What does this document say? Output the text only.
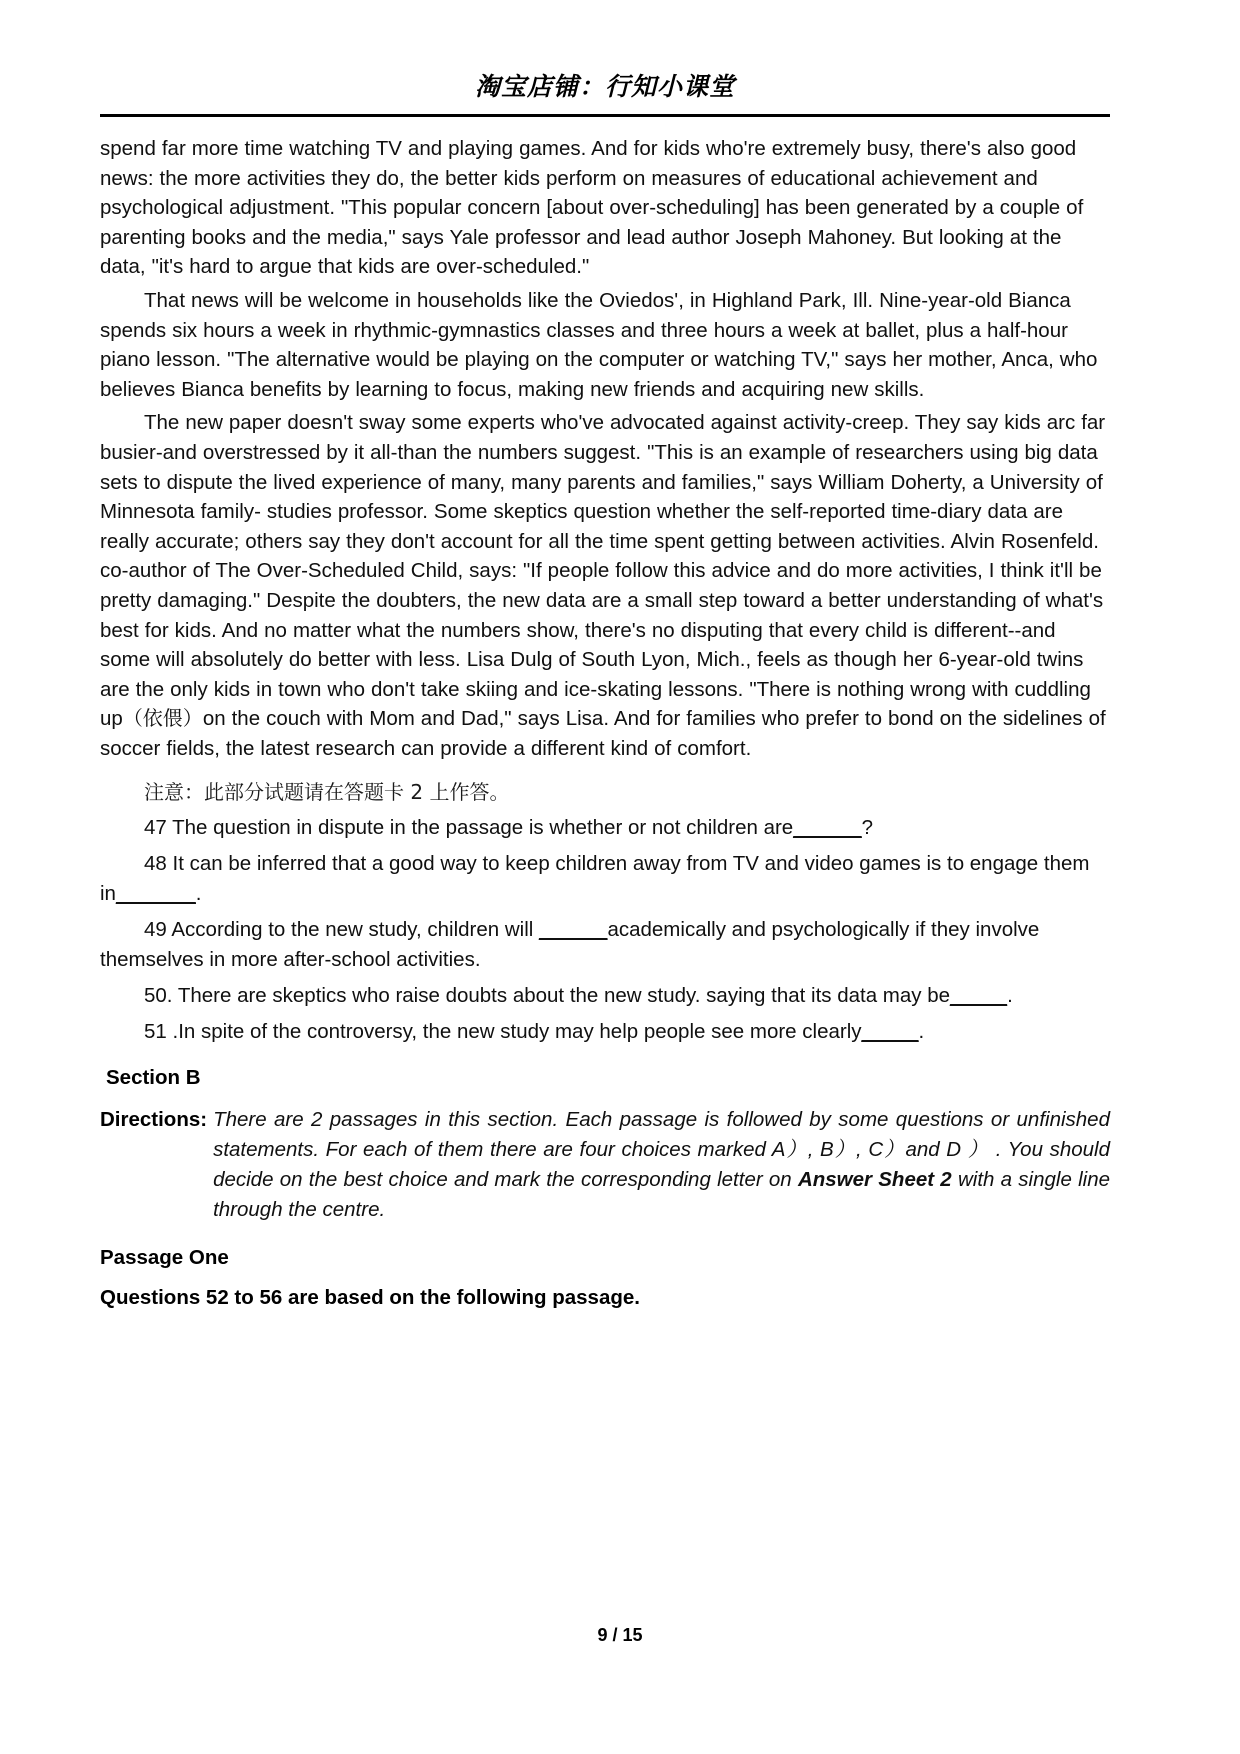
淘宝店铺：行知小课堂

spend far more time watching TV and playing games. And for kids who're extremely busy, there's also good news: the more activities they do, the better kids perform on measures of educational achievement and psychological adjustment. "This popular concern [about over-scheduling] has been generated by a couple of parenting books and the media," says Yale professor and lead author Joseph Mahoney. But looking at the data, "it's hard to argue that kids are over-scheduled."

That news will be welcome in households like the Oviedos', in Highland Park, Ill. Nine-year-old Bianca spends six hours a week in rhythmic-gymnastics classes and three hours a week at ballet, plus a half-hour piano lesson. "The alternative would be playing on the computer or watching TV," says her mother, Anca, who believes Bianca benefits by learning to focus, making new friends and acquiring new skills.

The new paper doesn't sway some experts who've advocated against activity-creep. They say kids arc far busier-and overstressed by it all-than the numbers suggest. "This is an example of researchers using big data sets to dispute the lived experience of many, many parents and families," says William Doherty, a University of Minnesota family- studies professor. Some skeptics question whether the self-reported time-diary data are really accurate; others say they don't account for all the time spent getting between activities. Alvin Rosenfeld. co-author of The Over-Scheduled Child, says: "If people follow this advice and do more activities, I think it'll be pretty damaging." Despite the doubters, the new data are a small step toward a better understanding of what's best for kids. And no matter what the numbers show, there's no disputing that every child is different--and some will absolutely do better with less. Lisa Dulg of South Lyon, Mich., feels as though her 6-year-old twins are the only kids in town who don't take skiing and ice-skating lessons. "There is nothing wrong with cuddling up（依偎）on the couch with Mom and Dad," says Lisa. And for families who prefer to bond on the sidelines of soccer fields, the latest research can provide a different kind of comfort.

注意：此部分试题请在答题卡 2 上作答。

47 The question in dispute in the passage is whether or not children are______?

48 It can be inferred that a good way to keep children away from TV and video games is to engage them in_______.

49 According to the new study, children will ______academically and psychologically if they involve themselves in more after-school activities.

50. There are skeptics who raise doubts about the new study. saying that its data may be_____.

51 .In spite of the controversy, the new study may help people see more clearly_____.

Section B
Directions: There are 2 passages in this section. Each passage is followed by some questions or unfinished statements. For each of them there are four choices marked A）, B）, C）and D ） . You should decide on the best choice and mark the corresponding letter on Answer Sheet 2 with a single line through the centre.
Passage One
Questions 52 to 56 are based on the following passage.
9 / 15
